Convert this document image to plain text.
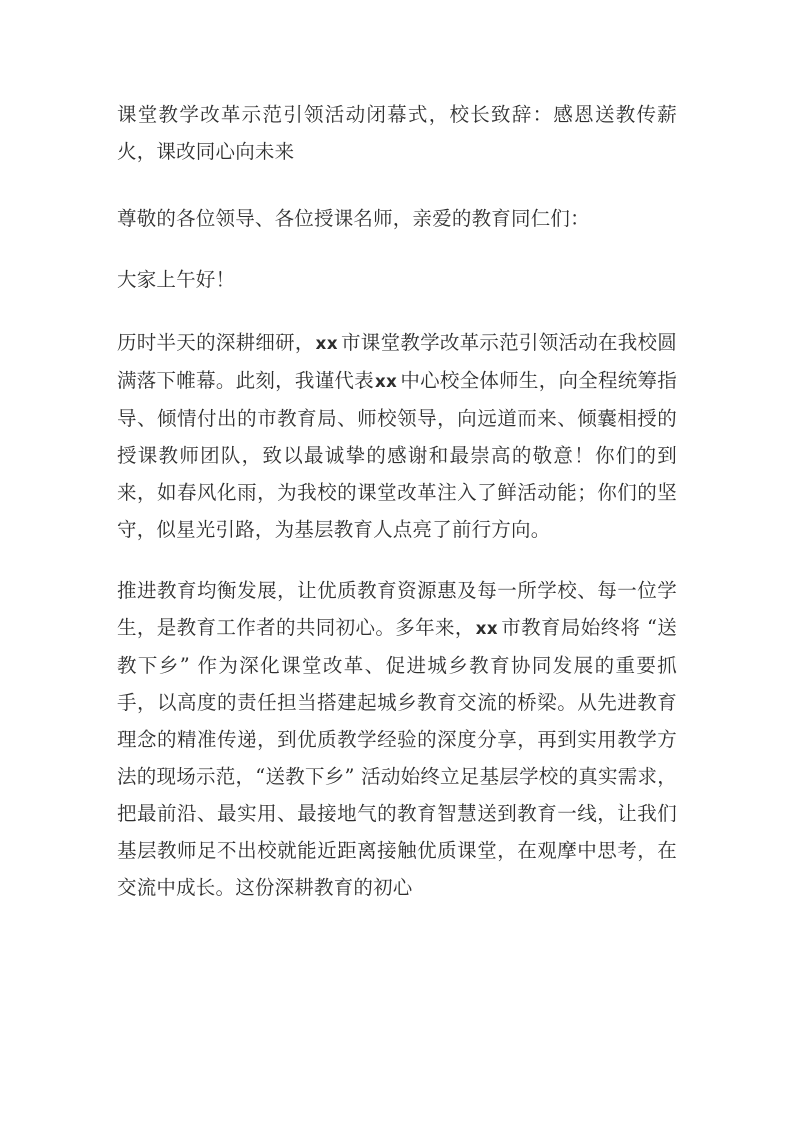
课堂教学改革示范引领活动闭幕式，校长致辞：感恩送教传薪火，课改同心向未来

尊敬的各位领导、各位授课名师，亲爱的教育同仁们：

大家上午好！

历时半天的深耕细研，xx 市课堂教学改革示范引领活动在我校圆满落下帷幕。此刻，我谨代表xx 中心校全体师生，向全程统筹指导、倾情付出的市教育局、师校领导，向远道而来、倾囊相授的授课教师团队，致以最诚挚的感谢和最崇高的敬意！你们的到来，如春风化雨，为我校的课堂改革注入了鲜活动能；你们的坚守，似星光引路，为基层教育人点亮了前行方向。

推进教育均衡发展，让优质教育资源惠及每一所学校、每一位学生，是教育工作者的共同初心。多年来，xx 市教育局始终将 “送教下乡” 作为深化课堂改革、促进城乡教育协同发展的重要抓手，以高度的责任担当搭建起城乡教育交流的桥梁。从先进教育理念的精准传递，到优质教学经验的深度分享，再到实用教学方法的现场示范，“送教下乡” 活动始终立足基层学校的真实需求，把最前沿、最实用、最接地气的教育智慧送到教育一线，让我们基层教师足不出校就能近距离接触优质课堂，在观摩中思考，在交流中成长。这份深耕教育的初心
